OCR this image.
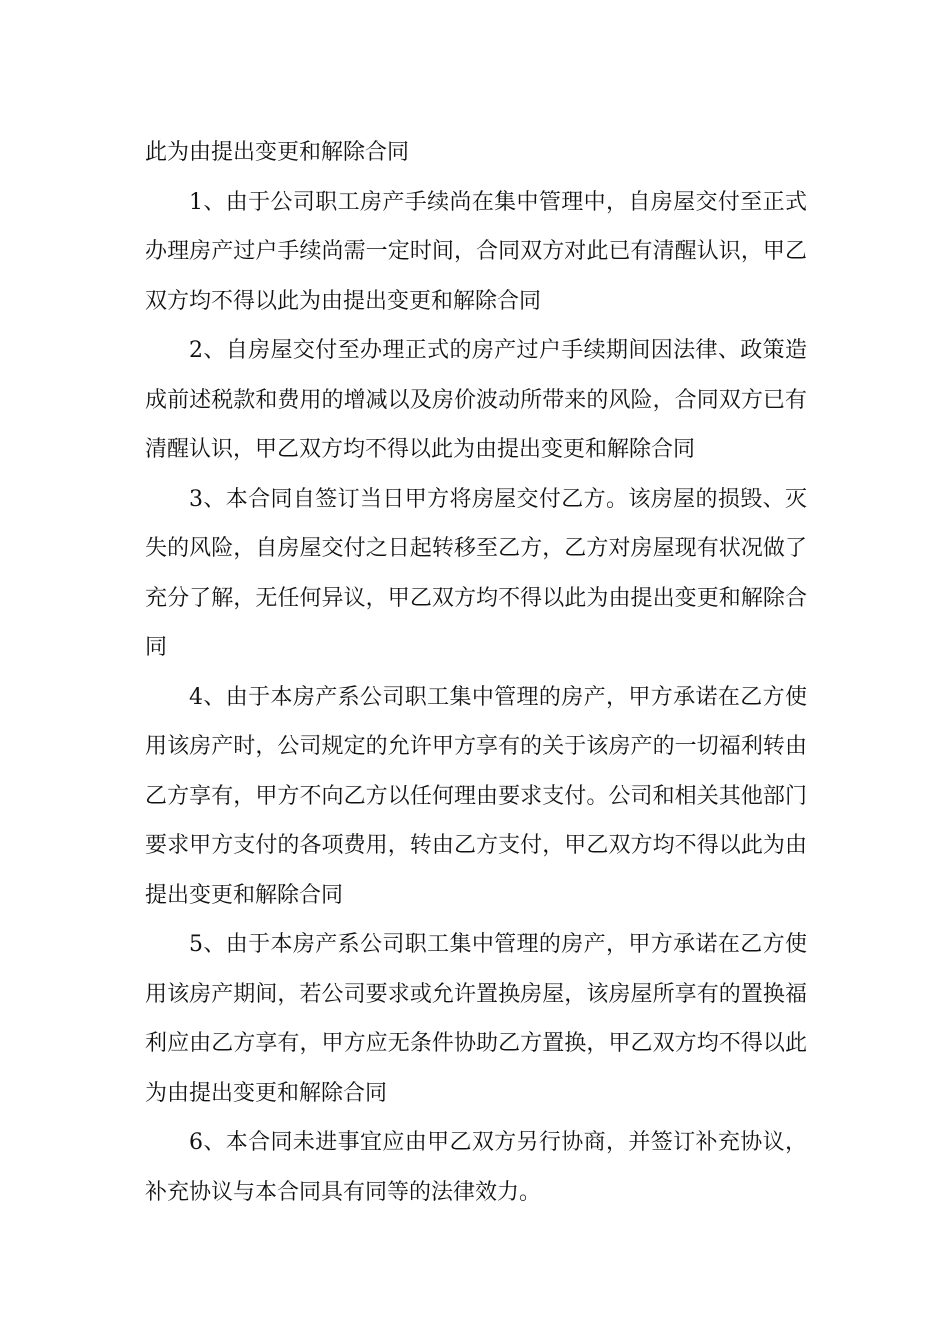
此为由提出变更和解除合同

1、由于公司职工房产手续尚在集中管理中，自房屋交付至正式办理房产过户手续尚需一定时间，合同双方对此已有清醒认识，甲乙双方均不得以此为由提出变更和解除合同

2、自房屋交付至办理正式的房产过户手续期间因法律、政策造成前述税款和费用的增减以及房价波动所带来的风险，合同双方已有清醒认识，甲乙双方均不得以此为由提出变更和解除合同

3、本合同自签订当日甲方将房屋交付乙方。该房屋的损毁、灭失的风险，自房屋交付之日起转移至乙方，乙方对房屋现有状况做了充分了解，无任何异议，甲乙双方均不得以此为由提出变更和解除合同

4、由于本房产系公司职工集中管理的房产，甲方承诺在乙方使用该房产时，公司规定的允许甲方享有的关于该房产的一切福利转由乙方享有，甲方不向乙方以任何理由要求支付。公司和相关其他部门要求甲方支付的各项费用，转由乙方支付，甲乙双方均不得以此为由提出变更和解除合同

5、由于本房产系公司职工集中管理的房产，甲方承诺在乙方使用该房产期间，若公司要求或允许置换房屋，该房屋所享有的置换福利应由乙方享有，甲方应无条件协助乙方置换，甲乙双方均不得以此为由提出变更和解除合同

6、本合同未进事宜应由甲乙双方另行协商，并签订补充协议，补充协议与本合同具有同等的法律效力。
